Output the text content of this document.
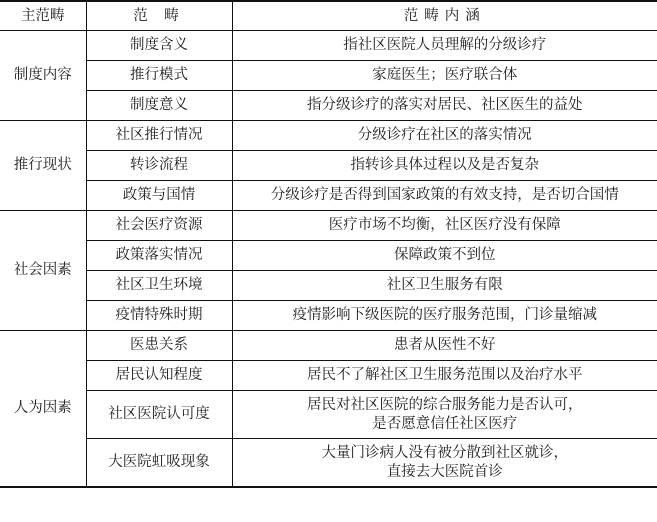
主范畴	范 畴	范畴内涵
制度内容	制度含义	指社区医院人员理解的分级诊疗

	推行模式	家庭医生；医疗联合体

	制度意义	指分级诊疗的落实对居民、社区医生的益处

推行现状	社区推行情况	分级诊疗在社区的落实情况

	转诊流程	指转诊具体过程以及是否复杂

	政策与国情	分级诊疗是否得到国家政策的有效支持，是否切合国情

社会因素	社会医疗资源	医疗市场不均衡，社区医疗没有保障

	政策落实情况	保障政策不到位

	社区卫生环境	社区卫生服务有限

	疫情特殊时期	疫情影响下级医院的医疗服务范围，门诊量缩减

人为因素	医患关系	患者从医性不好

	居民认知程度	居民不了解社区卫生服务范围以及治疗水平

	社区医院认可度	居民对社区医院的综合服务能力是否认可，
是否愿意信任社区医疗

	大医院虹吸现象	大量门诊病人没有被分散到社区就诊，
直接去大医院首诊
